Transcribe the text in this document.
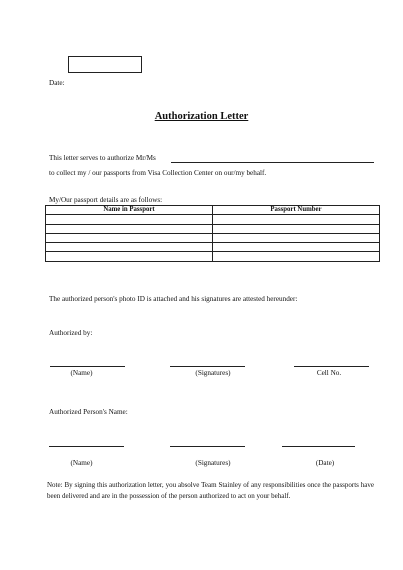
Date:
Authorization Letter
This letter serves to authorize Mr/Ms
to collect my / our passports from Visa Collection Center on our/my behalf.
My/Our passport details are as follows:
Name in Passport	Passport Number

The authorized person's photo ID is attached and his signatures are attested hereunder:
Authorized by:
(Name)	(Signatures)	Cell No.
Authorized Person's Name:
(Name)	(Signatures)	(Date)
Note: By signing this authorization letter, you absolve Team Stainley of any responsibilities once the passports have been delivered and are in the possession of the person authorized to act on your behalf.
